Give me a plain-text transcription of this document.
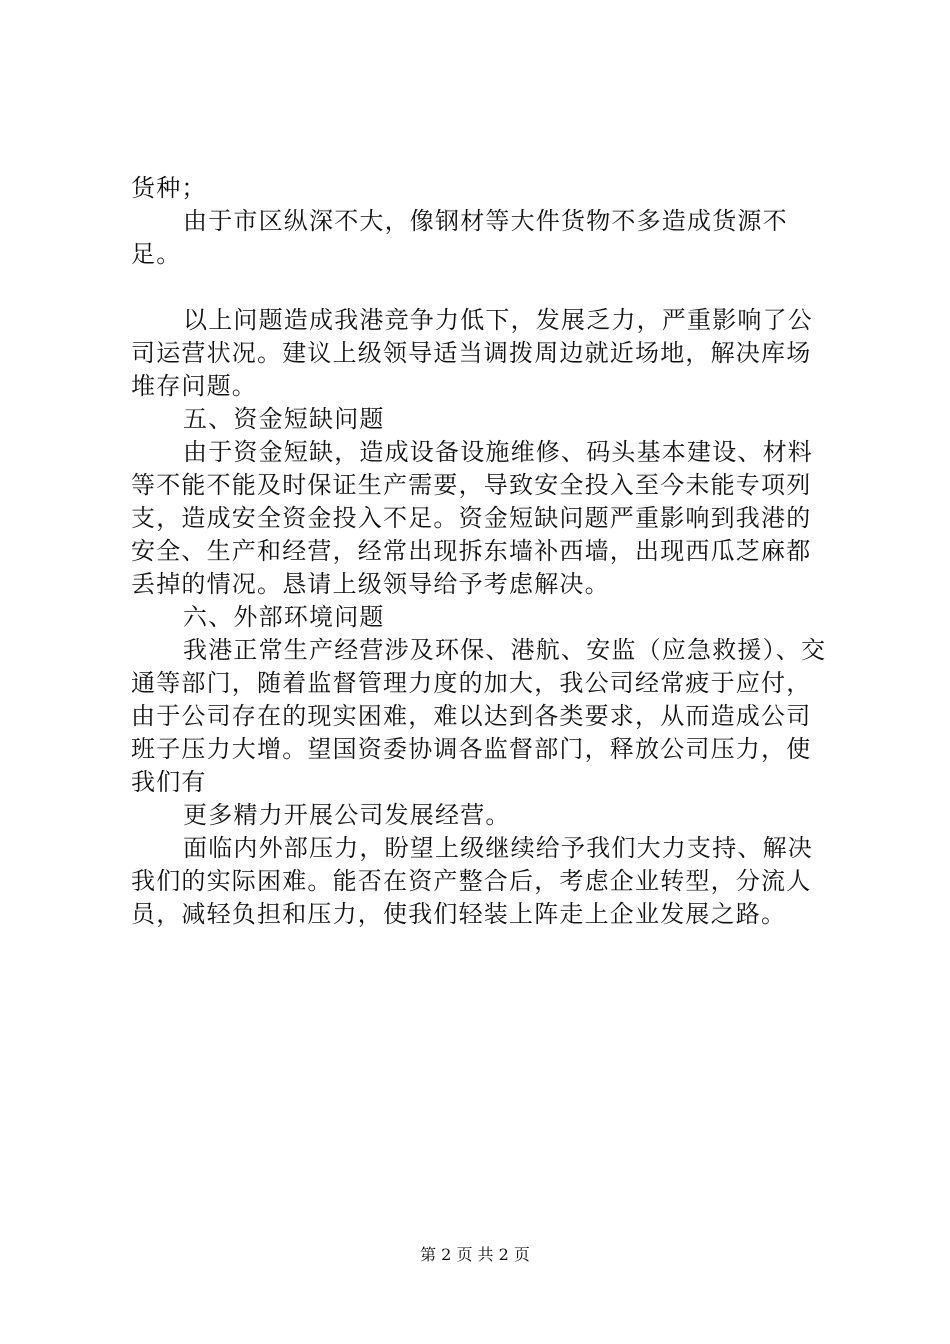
货种；

由于市区纵深不大，像钢材等大件货物不多造成货源不足。

以上问题造成我港竞争力低下，发展乏力，严重影响了公司运营状况。建议上级领导适当调拨周边就近场地，解决库场堆存问题。

五、资金短缺问题

由于资金短缺，造成设备设施维修、码头基本建设、材料等不能不能及时保证生产需要，导致安全投入至今未能专项列支，造成安全资金投入不足。资金短缺问题严重影响到我港的安全、生产和经营，经常出现拆东墙补西墙，出现西瓜芝麻都丢掉的情况。恳请上级领导给予考虑解决。

六、外部环境问题

我港正常生产经营涉及环保、港航、安监（应急救援）、交通等部门，随着监督管理力度的加大，我公司经常疲于应付，由于公司存在的现实困难，难以达到各类要求，从而造成公司班子压力大增。望国资委协调各监督部门，释放公司压力，使我们有

更多精力开展公司发展经营。

面临内外部压力，盼望上级继续给予我们大力支持、解决我们的实际困难。能否在资产整合后，考虑企业转型，分流人员，减轻负担和压力，使我们轻装上阵走上企业发展之路。

第 2 页 共 2 页
